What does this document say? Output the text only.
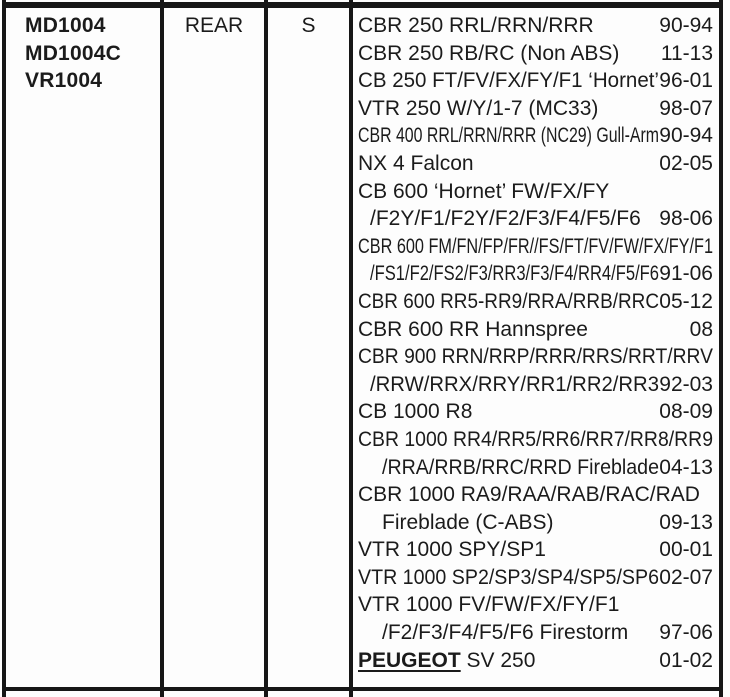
MD1004
MD1004C
VR1004
REAR	S	CBR 250 RRL/RRN/RRR	90-94
CBR 250 RB/RC (Non ABS)	11-13
CB 250 FT/FV/FX/FY/F1 ‘Hornet’ 96-01
VTR 250 W/Y/1-7 (MC33)	98-07
CBR 400 RRL/RRN/RRR (NC29) Gull-Arm 90-94
NX 4 Falcon	02-05
CB 600 ‘Hornet’ FW/FX/FY
/F2Y/F1/F2Y/F2/F3/F4/F5/F6 98-06
CBR 600 FM/FN/FP/FR//FS/FT/FV/FW/FX/FY/F1
/FS1/F2/FS2/F3/RR3/F3/F4/RR4/F5/F6 91-06
CBR 600 RR5-RR9/RRA/RRB/RRC 05-12
CBR 600 RR Hannspree	08
CBR 900 RRN/RRP/RRR/RRS/RRT/RRV
/RRW/RRX/RRY/RR1/RR2/RR3 92-03
CB 1000 R8	08-09
CBR 1000 RR4/RR5/RR6/RR7/RR8/RR9
/RRA/RRB/RRC/RRD Fireblade 04-13
CBR 1000 RA9/RAA/RAB/RAC/RAD
Fireblade (C-ABS)	09-13
VTR 1000 SPY/SP1	00-01
VTR 1000 SP2/SP3/SP4/SP5/SP6 02-07
VTR 1000 FV/FW/FX/FY/F1
/F2/F3/F4/F5/F6 Firestorm	97-06
PEUGEOT SV 250	01-02
